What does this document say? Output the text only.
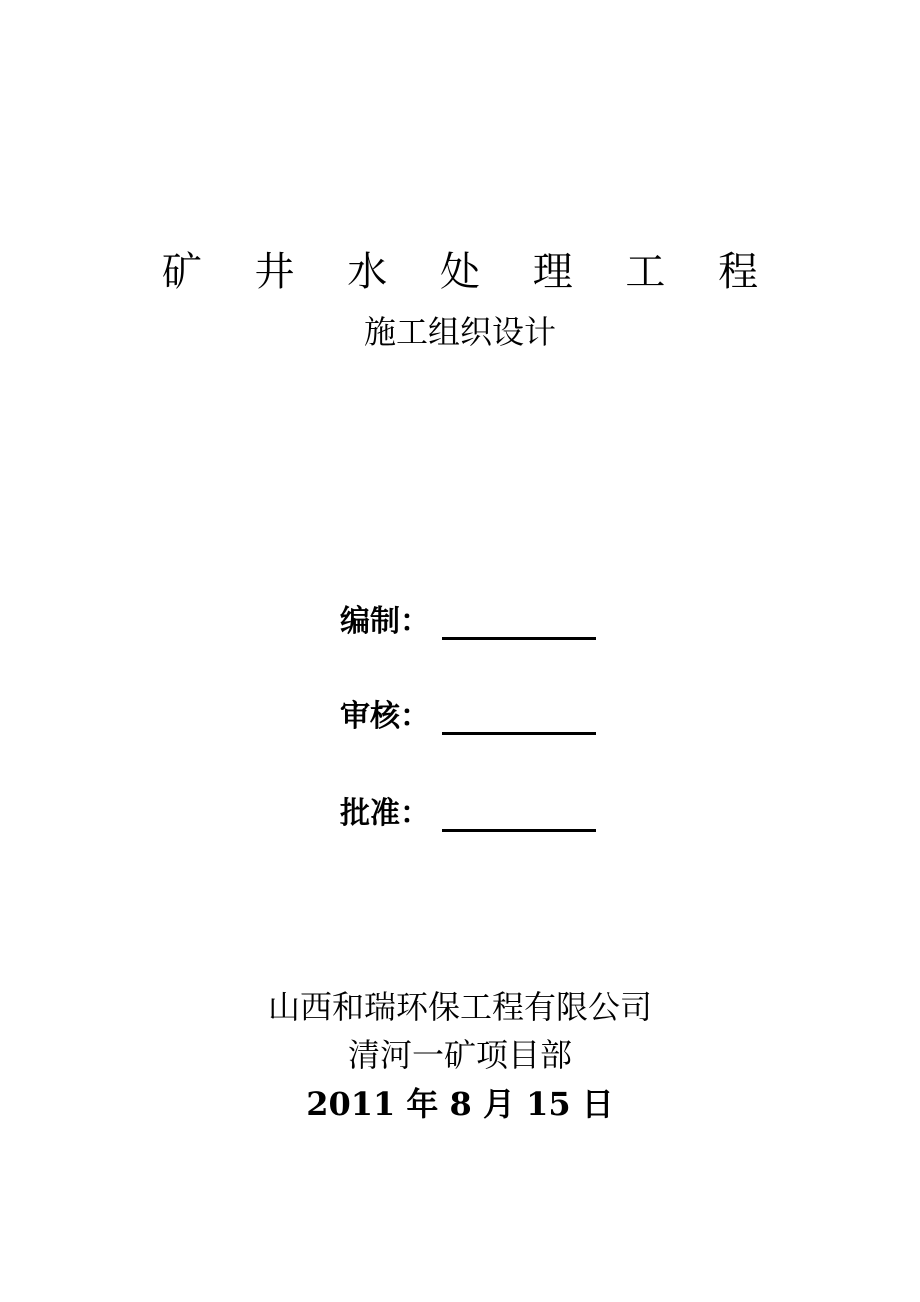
矿 井 水 处 理 工 程
施工组织设计
编制：
审核：
批准：
山西和瑞环保工程有限公司
清河一矿项目部
2011 年 8 月 15 日
